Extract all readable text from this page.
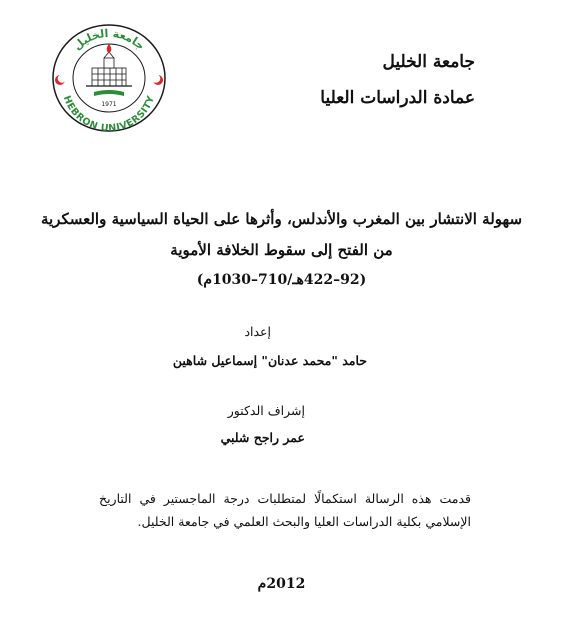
جامعة الخليل
HEBRON UNIVERSITY
1971
جامعة الخليل
عمادة الدراسات العليا
سهولة الانتشار بين المغرب والأندلس، وأثرها على الحياة السياسية والعسكرية
من الفتح إلى سقوط الخلافة الأموية
(92–422هـ/710–1030م)
إعداد
حامد "محمد عدنان" إسماعيل شاهين
إشراف الدكتور
عمر راجح شلبي
قدمت هذه الرسالة استكمالًا لمتطلبات درجة الماجستير في التاريخ الإسلامي بكلية الدراسات العليا والبحث العلمي في جامعة الخليل.
2012م
